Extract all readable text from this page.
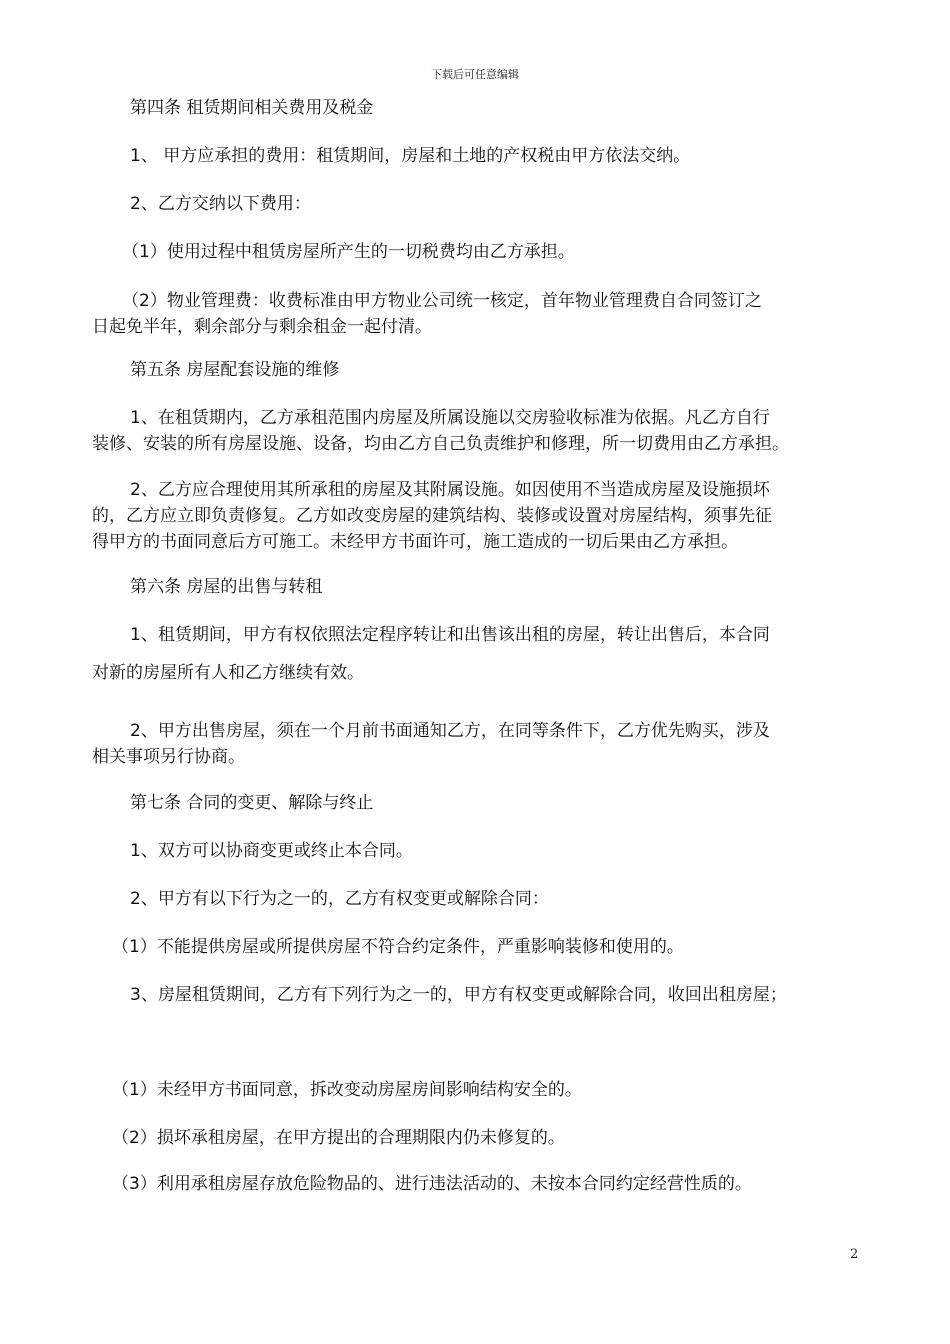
下载后可任意编辑
第四条 租赁期间相关费用及税金
1、 甲方应承担的费用：租赁期间，房屋和土地的产权税由甲方依法交纳。
2、乙方交纳以下费用：
（1）使用过程中租赁房屋所产生的一切税费均由乙方承担。
（2）物业管理费：收费标准由甲方物业公司统一核定，首年物业管理费自合同签订之
日起免半年，剩余部分与剩余租金一起付清。
第五条 房屋配套设施的维修
1、在租赁期内，乙方承租范围内房屋及所属设施以交房验收标准为依据。凡乙方自行
装修、安装的所有房屋设施、设备，均由乙方自己负责维护和修理，所一切费用由乙方承担。
2、乙方应合理使用其所承租的房屋及其附属设施。如因使用不当造成房屋及设施损坏
的，乙方应立即负责修复。乙方如改变房屋的建筑结构、装修或设置对房屋结构，须事先征
得甲方的书面同意后方可施工。未经甲方书面许可，施工造成的一切后果由乙方承担。
第六条 房屋的出售与转租
1、租赁期间，甲方有权依照法定程序转让和出售该出租的房屋，转让出售后，本合同
对新的房屋所有人和乙方继续有效。
2、甲方出售房屋，须在一个月前书面通知乙方，在同等条件下，乙方优先购买，涉及
相关事项另行协商。
第七条 合同的变更、解除与终止
1、双方可以协商变更或终止本合同。
2、甲方有以下行为之一的，乙方有权变更或解除合同：
（1）不能提供房屋或所提供房屋不符合约定条件，严重影响装修和使用的。
3、房屋租赁期间，乙方有下列行为之一的，甲方有权变更或解除合同，收回出租房屋；
（1）未经甲方书面同意，拆改变动房屋房间影响结构安全的。
（2）损坏承租房屋，在甲方提出的合理期限内仍未修复的。
（3）利用承租房屋存放危险物品的、进行违法活动的、未按本合同约定经营性质的。
2
